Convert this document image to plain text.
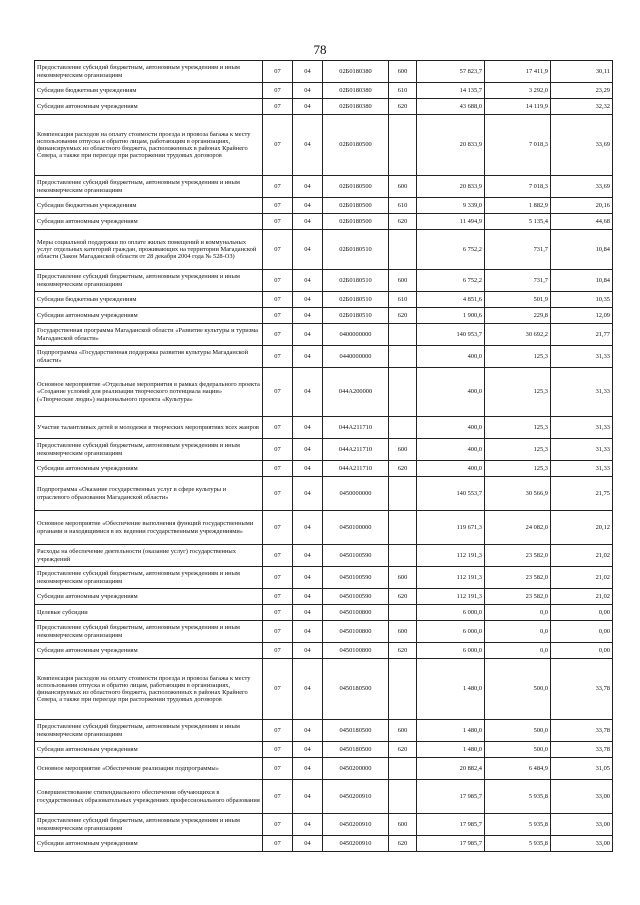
78
Предоставление субсидий бюджетным, автономным учреждениям и иным некоммерческим организациям	07	04	02Б0180380	600	57 823,7	17 411,9	30,11
Субсидии бюджетным учреждениям	07	04	02Б0180380	610	14 135,7	3 292,0	23,29
Субсидии автономным учреждениям	07	04	02Б0180380	620	43 688,0	14 119,9	32,32
Компенсация расходов на оплату стоимости проезда и провоза багажа к месту использования отпуска и обратно лицам, работающим в организациях, финансируемых из областного бюджета, расположенных в районах Крайнего Севера, а также при переезде при расторжении трудовых договоров	07	04	02Б0180500		20 833,9	7 018,3	33,69
Предоставление субсидий бюджетным, автономным учреждениям и иным некоммерческим организациям	07	04	02Б0180500	600	20 833,9	7 018,3	33,69
Субсидии бюджетным учреждениям	07	04	02Б0180500	610	9 339,0	1 882,9	20,16
Субсидии автономным учреждениям	07	04	02Б0180500	620	11 494,9	5 135,4	44,68
Меры социальной поддержки по оплате жилых помещений и коммунальных услуг отдельных категорий граждан, проживающих на территории Магаданской области (Закон Магаданской области от 28 декабря 2004 года № 528-ОЗ)	07	04	02Б0180510		6 752,2	731,7	10,84
Предоставление субсидий бюджетным, автономным учреждениям и иным некоммерческим организациям	07	04	02Б0180510	600	6 752,2	731,7	10,84
Субсидии бюджетным учреждениям	07	04	02Б0180510	610	4 851,6	501,9	10,35
Субсидии автономным учреждениям	07	04	02Б0180510	620	1 900,6	229,8	12,09
Государственная программа Магаданской области «Развитие культуры и туризма Магаданской области»	07	04	0400000000		140 953,7	30 692,2	21,77
Подпрограмма «Государственная поддержка развития культуры Магаданской области»	07	04	0440000000		400,0	125,3	31,33
Основное мероприятие «Отдельные мероприятия в рамках федерального проекта «Создание условий для реализации творческого потенциала нации» («Творческие люди») национального проекта «Культура»	07	04	044A200000		400,0	125,3	31,33
Участие талантливых детей и молодежи в творческих мероприятиях всех жанров	07	04	044A211710		400,0	125,3	31,33
Предоставление субсидий бюджетным, автономным учреждениям и иным некоммерческим организациям	07	04	044A211710	600	400,0	125,3	31,33
Субсидии автономным учреждениям	07	04	044A211710	620	400,0	125,3	31,33
Подпрограмма «Оказание государственных услуг в сфере культуры и отраслевого образования Магаданской области»	07	04	0450000000		140 553,7	30 566,9	21,75
Основное мероприятие «Обеспечение выполнения функций государственными органами и находящимися в их ведении государственными учреждениями»	07	04	0450100000		119 671,3	24 082,0	20,12
Расходы на обеспечение деятельности (оказание услуг) государственных учреждений	07	04	0450100590		112 191,3	23 582,0	21,02
Предоставление субсидий бюджетным, автономным учреждениям и иным некоммерческим организациям	07	04	0450100590	600	112 191,3	23 582,0	21,02
Субсидии автономным учреждениям	07	04	0450100590	620	112 191,3	23 582,0	21,02
Целевые субсидии	07	04	0450100800		6 000,0	0,0	0,00
Предоставление субсидий бюджетным, автономным учреждениям и иным некоммерческим организациям	07	04	0450100800	600	6 000,0	0,0	0,00
Субсидии автономным учреждениям	07	04	0450100800	620	6 000,0	0,0	0,00
Компенсация расходов на оплату стоимости проезда и провоза багажа к месту использования отпуска и обратно лицам, работающим в организациях, финансируемых из областного бюджета, расположенных в районах Крайнего Севера, а также при переезде при расторжении трудовых договоров	07	04	0450180500		1 480,0	500,0	33,78
Предоставление субсидий бюджетным, автономным учреждениям и иным некоммерческим организациям	07	04	0450180500	600	1 480,0	500,0	33,78
Субсидии автономным учреждениям	07	04	0450180500	620	1 480,0	500,0	33,78
Основное мероприятие «Обеспечение реализации подпрограммы»	07	04	0450200000		20 882,4	6 484,9	31,05
Совершенствование стипендиального обеспечения обучающихся в государственных образовательных учреждениях профессионального образования	07	04	0450200910		17 985,7	5 935,8	33,00
Предоставление субсидий бюджетным, автономным учреждениям и иным некоммерческим организациям	07	04	0450200910	600	17 985,7	5 935,8	33,00
Субсидии автономным учреждениям	07	04	0450200910	620	17 985,7	5 935,8	33,00
